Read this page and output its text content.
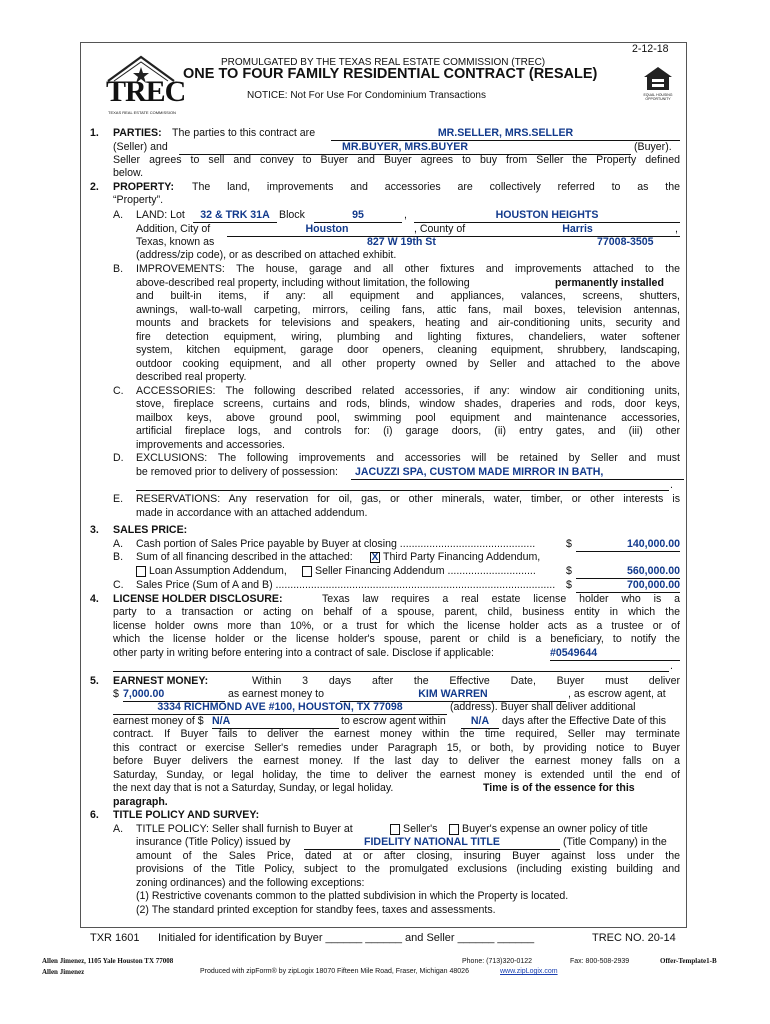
2-12-18
TREC
TEXAS REAL ESTATE COMMISSION
PROMULGATED BY THE TEXAS REAL ESTATE COMMISSION (TREC)
ONE TO FOUR FAMILY RESIDENTIAL CONTRACT (RESALE)
NOTICE: Not For Use For Condominium Transactions	EQUAL HOUSING OPPORTUNITY
1. PARTIES: The parties to this contract are	MR.SELLER, MRS.SELLER
(Seller) and	MR.BUYER, MRS.BUYER	(Buyer).
Seller agrees to sell and convey to Buyer and Buyer agrees to buy from Seller the Property defined
below.
2. PROPERTY: The land, improvements and accessories are collectively referred to as the
“Property”.
A. LAND: Lot	32 & TRK 31A Block	95	,	HOUSTON HEIGHTS
Addition, City of	Houston	, County of	Harris	,
Texas, known as	827 W 19th St	77008-3505
(address/zip code), or as described on attached exhibit.
B. IMPROVEMENTS: The house, garage and all other fixtures and improvements attached to the
above-described real property, including without limitation, the following	permanently installed
and built-in items, if any: all equipment and appliances, valances, screens, shutters,
awnings, wall-to-wall carpeting, mirrors, ceiling fans, attic fans, mail boxes, television antennas,
mounts and brackets for televisions and speakers, heating and air-conditioning units, security and
fire detection equipment, wiring, plumbing and lighting fixtures, chandeliers, water softener
system, kitchen equipment, garage door openers, cleaning equipment, shrubbery, landscaping,
outdoor cooking equipment, and all other property owned by Seller and attached to the above
described real property.
C. ACCESSORIES: The following described related accessories, if any: window air conditioning units,
stove, fireplace screens, curtains and rods, blinds, window shades, draperies and rods, door keys,
mailbox keys, above ground pool, swimming pool equipment and maintenance accessories,
artificial fireplace logs, and controls for: (i) garage doors, (ii) entry gates, and (iii) other
improvements and accessories.
D. EXCLUSIONS: The following improvements and accessories will be retained by Seller and must
be removed prior to delivery of possession:	JACUZZI SPA, CUSTOM MADE MIRROR IN BATH,
.
E. RESERVATIONS: Any reservation for oil, gas, or other minerals, water, timber, or other interests is
made in accordance with an attached addendum.
3. SALES PRICE:
A. Cash portion of Sales Price payable by Buyer at closing ..............................................	$	140,000.00
B. Sum of all financing described in the attached: X Third Party Financing Addendum,
Loan Assumption Addendum,	Seller Financing Addendum ..............................	$	560,000.00
C. Sales Price (Sum of A and B) ............................................................................................... $	700,000.00
4. LICENSE HOLDER DISCLOSURE:	Texas law requires a real estate license holder who is a
party to a transaction or acting on behalf of a spouse, parent, child, business entity in which the
license holder owns more than 10%, or a trust for which the license holder acts as a trustee or of
which the license holder or the license holder's spouse, parent or child is a beneficiary, to notify the
other party in writing before entering into a contract of sale. Disclose if applicable:	#0549644
.
5. EARNEST MONEY:	Within 3 days after the Effective Date, Buyer must deliver
$ 7,000.00	as earnest money to	KIM WARREN	, as escrow agent, at
3334 RICHMOND AVE #100, HOUSTON, TX 77098	(address). Buyer shall deliver additional
earnest money of $ N/A	to escrow agent within	N/A	days after the Effective Date of this
contract. If Buyer fails to deliver the earnest money within the time required, Seller may terminate
this contract or exercise Seller's remedies under Paragraph 15, or both, by providing notice to Buyer
before Buyer delivers the earnest money. If the last day to deliver the earnest money falls on a
Saturday, Sunday, or legal holiday, the time to deliver the earnest money is extended until the end of
the next day that is not a Saturday, Sunday, or legal holiday.	Time is of the essence for this
paragraph.
6. TITLE POLICY AND SURVEY:
A. TITLE POLICY: Seller shall furnish to Buyer at	Seller's Buyer's expense an owner policy of title
insurance (Title Policy) issued by	FIDELITY NATIONAL TITLE	(Title Company) in the
amount of the Sales Price, dated at or after closing, insuring Buyer against loss under the
provisions of the Title Policy, subject to the promulgated exclusions (including existing building and
zoning ordinances) and the following exceptions:
(1) Restrictive covenants common to the platted subdivision in which the Property is located.
(2) The standard printed exception for standby fees, taxes and assessments.
TXR 1601 Initialed for identification by Buyer ______ ______ and Seller ______ ______	TREC NO. 20-14
Allen Jimenez, 1105 Yale Houston TX 77008
Allen Jimenez
Phone: (713)320-0122	Fax: 800-508-2939	Offer-Template1-B
Produced with zipForm® by zipLogix 18070 Fifteen Mile Road, Fraser, Michigan 48026	www.zipLogix.com
